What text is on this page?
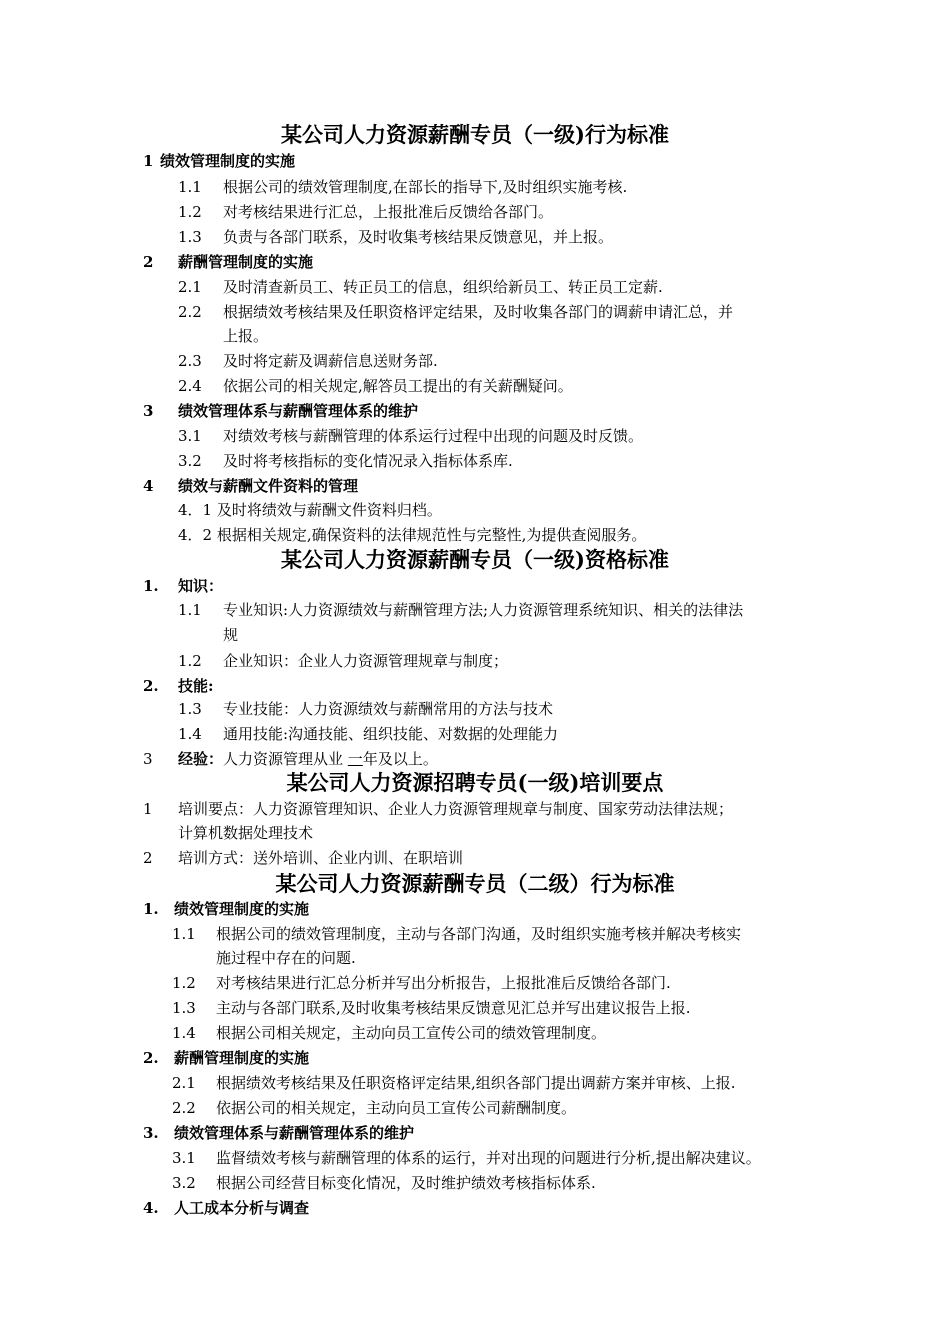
某公司人力资源薪酬专员（一级)行为标准
1 绩效管理制度的实施
1.1 根据公司的绩效管理制度,在部长的指导下,及时组织实施考核.
1.2 对考核结果进行汇总，上报批准后反馈给各部门。
1.3 负责与各部门联系，及时收集考核结果反馈意见，并上报。
2 薪酬管理制度的实施
2.1 及时清查新员工、转正员工的信息，组织给新员工、转正员工定薪.
2.2 根据绩效考核结果及任职资格评定结果，及时收集各部门的调薪申请汇总，并
上报。
2.3 及时将定薪及调薪信息送财务部.
2.4 依据公司的相关规定,解答员工提出的有关薪酬疑问。
3 绩效管理体系与薪酬管理体系的维护
3.1 对绩效考核与薪酬管理的体系运行过程中出现的问题及时反馈。
3.2 及时将考核指标的变化情况录入指标体系库.
4 绩效与薪酬文件资料的管理
4．1 及时将绩效与薪酬文件资料归档。
4．2 根据相关规定,确保资料的法律规范性与完整性,为提供查阅服务。
某公司人力资源薪酬专员（一级)资格标准
1. 知识：
1.1 专业知识:人力资源绩效与薪酬管理方法;人力资源管理系统知识、相关的法律法
规
1.2 企业知识：企业人力资源管理规章与制度；
2. 技能:
1.3 专业技能：人力资源绩效与薪酬常用的方法与技术
1.4 通用技能:沟通技能、组织技能、对数据的处理能力
3 经验：人力资源管理从业 一年及以上。
某公司人力资源招聘专员(一级)培训要点
1 培训要点：人力资源管理知识、企业人力资源管理规章与制度、国家劳动法律法规；
计算机数据处理技术
2 培训方式：送外培训、企业内训、在职培训
某公司人力资源薪酬专员（二级）行为标准
1. 绩效管理制度的实施
1.1 根据公司的绩效管理制度，主动与各部门沟通，及时组织实施考核并解决考核实
施过程中存在的问题.
1.2 对考核结果进行汇总分析并写出分析报告，上报批准后反馈给各部门.
1.3 主动与各部门联系,及时收集考核结果反馈意见汇总并写出建议报告上报.
1.4 根据公司相关规定，主动向员工宣传公司的绩效管理制度。
2. 薪酬管理制度的实施
2.1 根据绩效考核结果及任职资格评定结果,组织各部门提出调薪方案并审核、上报.
2.2 依据公司的相关规定，主动向员工宣传公司薪酬制度。
3. 绩效管理体系与薪酬管理体系的维护
3.1 监督绩效考核与薪酬管理的体系的运行，并对出现的问题进行分析,提出解决建议。
3.2 根据公司经营目标变化情况，及时维护绩效考核指标体系.
4. 人工成本分析与调查
